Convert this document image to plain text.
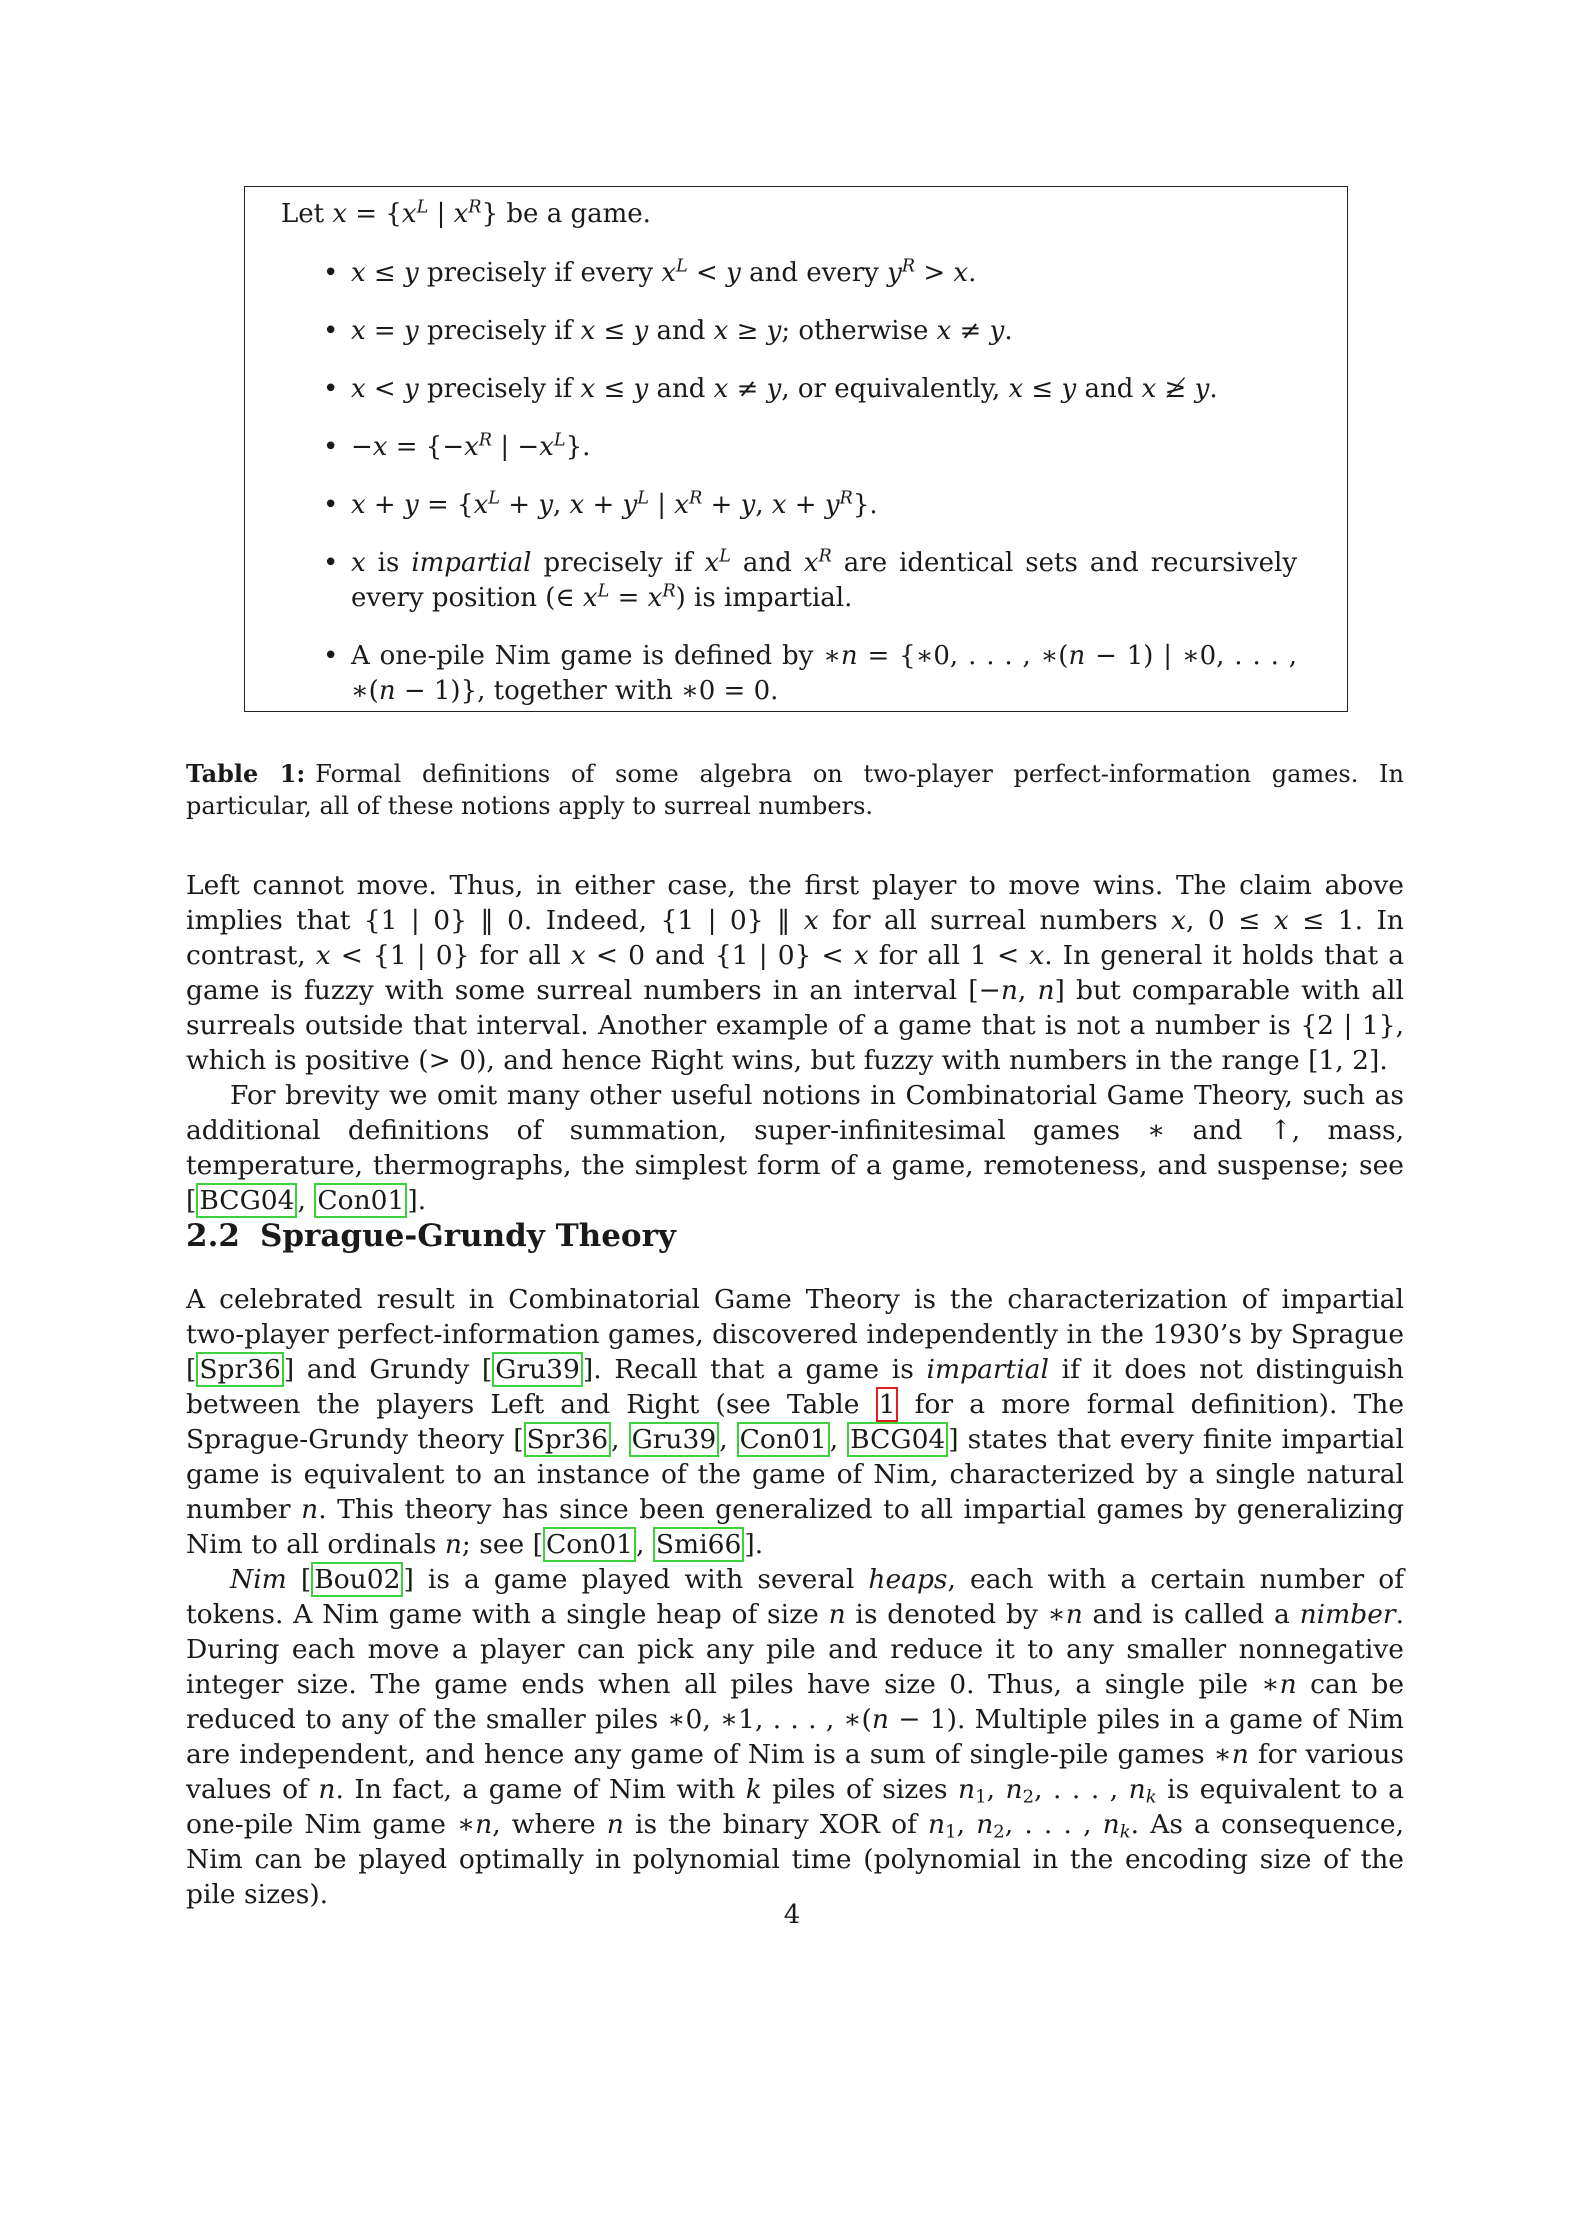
Let $x = \{x^L$ | $x^R$} be a game.
• x ≤ y precisely if every $x^L < y$ and every $y^R > x$.
• x = y precisely if x ≤ y and x ≥ y; otherwise x ≠ y.
• x < y precisely if x ≤ y and x ≠ y, or equivalently, x ≤ y and x ≱ y.
• $-x = \{-x^R$ | $-x^L$}.
• $x + y = \{x^L + y$, $x + y^L$ | $x^R + y$, $x + y^R$}.
• x is impartial precisely if $x^L$ and $x^R$ are identical sets and recursively every position (∈ $x^L = x^R$) is impartial.
• A one-pile Nim game is defined by ∗n = {∗0, . . . , ∗(n − 1) | ∗0, . . . , ∗(n − 1)}, together with ∗0 = 0.
Table 1: Formal definitions of some algebra on two-player perfect-information games. In particular, all of these notions apply to surreal numbers.

Left cannot move. Thus, in either case, the first player to move wins. The claim above implies that {1 | 0} ‖ 0. Indeed, {1 | 0} ‖ x for all surreal numbers x, 0 ≤ x ≤ 1. In contrast, x < {1 | 0} for all x < 0 and {1 | 0} < x for all 1 < x. In general it holds that a game is fuzzy with some surreal numbers in an interval [−n, n] but comparable with all surreals outside that interval. Another example of a game that is not a number is {2 | 1}, which is positive (> 0), and hence Right wins, but fuzzy with numbers in the range [1, 2].

For brevity we omit many other useful notions in Combinatorial Game Theory, such as additional definitions of summation, super-infinitesimal games ∗ and ↑, mass, temperature, thermographs, the simplest form of a game, remoteness, and suspense; see [ BCG04 , Con01 ].

2.2 Sprague-Grundy Theory

A celebrated result in Combinatorial Game Theory is the characterization of impartial two-player perfect-information games, discovered independently in the 1930’s by Sprague [ Spr36 ] and Grundy [ Gru39 ]. Recall that a game is impartial if it does not distinguish between the players Left and Right (see Table 1 for a more formal definition). The Sprague-Grundy theory [ Spr36 , Gru39 , Con01 , BCG04 ] states that every finite impartial game is equivalent to an instance of the game of Nim, characterized by a single natural number n. This theory has since been generalized to all impartial games by generalizing Nim to all ordinals n; see [ Con01 , Smi66 ].

Nim [ Bou02 ] is a game played with several heaps, each with a certain number of tokens. A Nim game with a single heap of size n is denoted by ∗n and is called a nimber. During each move a player can pick any pile and reduce it to any smaller nonnegative integer size. The game ends when all piles have size 0. Thus, a single pile ∗n can be reduced to any of the smaller piles ∗0, ∗1, . . . , ∗(n − 1). Multiple piles in a game of Nim are independent, and hence any game of Nim is a sum of single-pile games ∗n for various values of n. In fact, a game of Nim with k piles of sizes $n_1$, $n_2$, . . . , $n_k$ is equivalent to a one-pile Nim game ∗n, where n is the binary XOR of $n_1$, $n_2$, . . . , $n_k$. As a consequence, Nim can be played optimally in polynomial time (polynomial in the encoding size of the pile sizes).

4
